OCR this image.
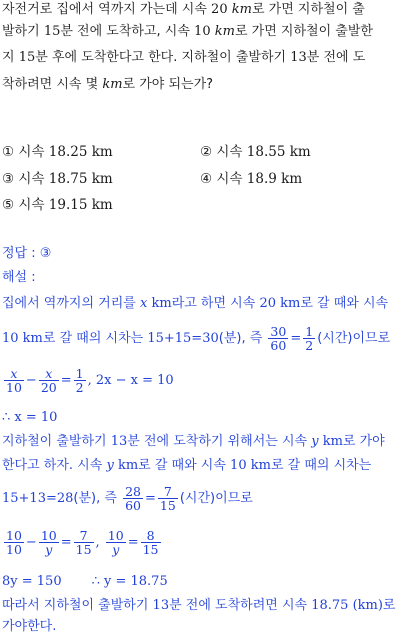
자전거로 집에서 역까지 가는데 시속 20 km로 가면 지하철이 출
발하기 15분 전에 도착하고, 시속 10 km로 가면 지하철이 출발한
지 15분 후에 도착한다고 한다. 지하철이 출발하기 13분 전에 도
착하려면 시속 몇 km로 가야 되는가?
① 시속 18.25 km	② 시속 18.55 km
③ 시속 18.75 km	④ 시속 18.9 km
⑤ 시속 19.15 km
정답 : ③
해설 :
집에서 역까지의 거리를 x km라고 하면 시속 20 km로 갈 때와 시속
10 km로 갈 때의 시차는 15+15=30(분), 즉 $\frac{30}{60} = \frac{1}{2}$ (시간)이므로
$\frac{x}{10} - \frac{x}{20} = \frac{1}{2}$ , 2x − x = 10
∴ x = 10
지하철이 출발하기 13분 전에 도착하기 위해서는 시속 y km로 가야
한다고 하자. 시속 y km로 갈 때와 시속 10 km로 갈 때의 시차는
15+13=28(분), 즉 $\frac{28}{60} = \frac{7}{15}$ (시간)이므로
$\frac{10}{10} - \frac{10}{y} = \frac{7}{15}$ , $\frac{10}{y} = \frac{8}{15}$
8y = 150 ∴ y = 18.75
따라서 지하철이 출발하기 13분 전에 도착하려면 시속 18.75 (km)로
가야한다.
